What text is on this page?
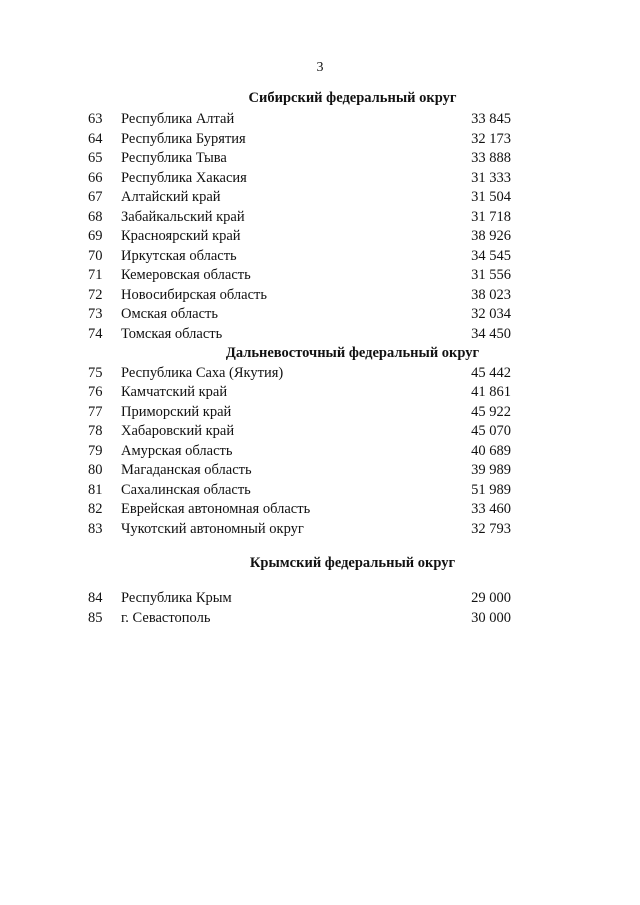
3
Сибирский федеральный округ
63 Республика Алтай	33 845
64 Республика Бурятия	32 173
65 Республика Тыва	33 888
66 Республика Хакасия	31 333
67 Алтайский край	31 504
68 Забайкальский край	31 718
69 Красноярский край	38 926
70 Иркутская область	34 545
71 Кемеровская область	31 556
72 Новосибирская область	38 023
73 Омская область	32 034
74 Томская область	34 450
Дальневосточный федеральный округ
75 Республика Саха (Якутия)	45 442
76 Камчатский край	41 861
77 Приморский край	45 922
78 Хабаровский край	45 070
79 Амурская область	40 689
80 Магаданская область	39 989
81 Сахалинская область	51 989
82 Еврейская автономная область	33 460
83 Чукотский автономный округ	32 793
Крымский федеральный округ
84 Республика Крым	29 000
85 г. Севастополь	30 000
